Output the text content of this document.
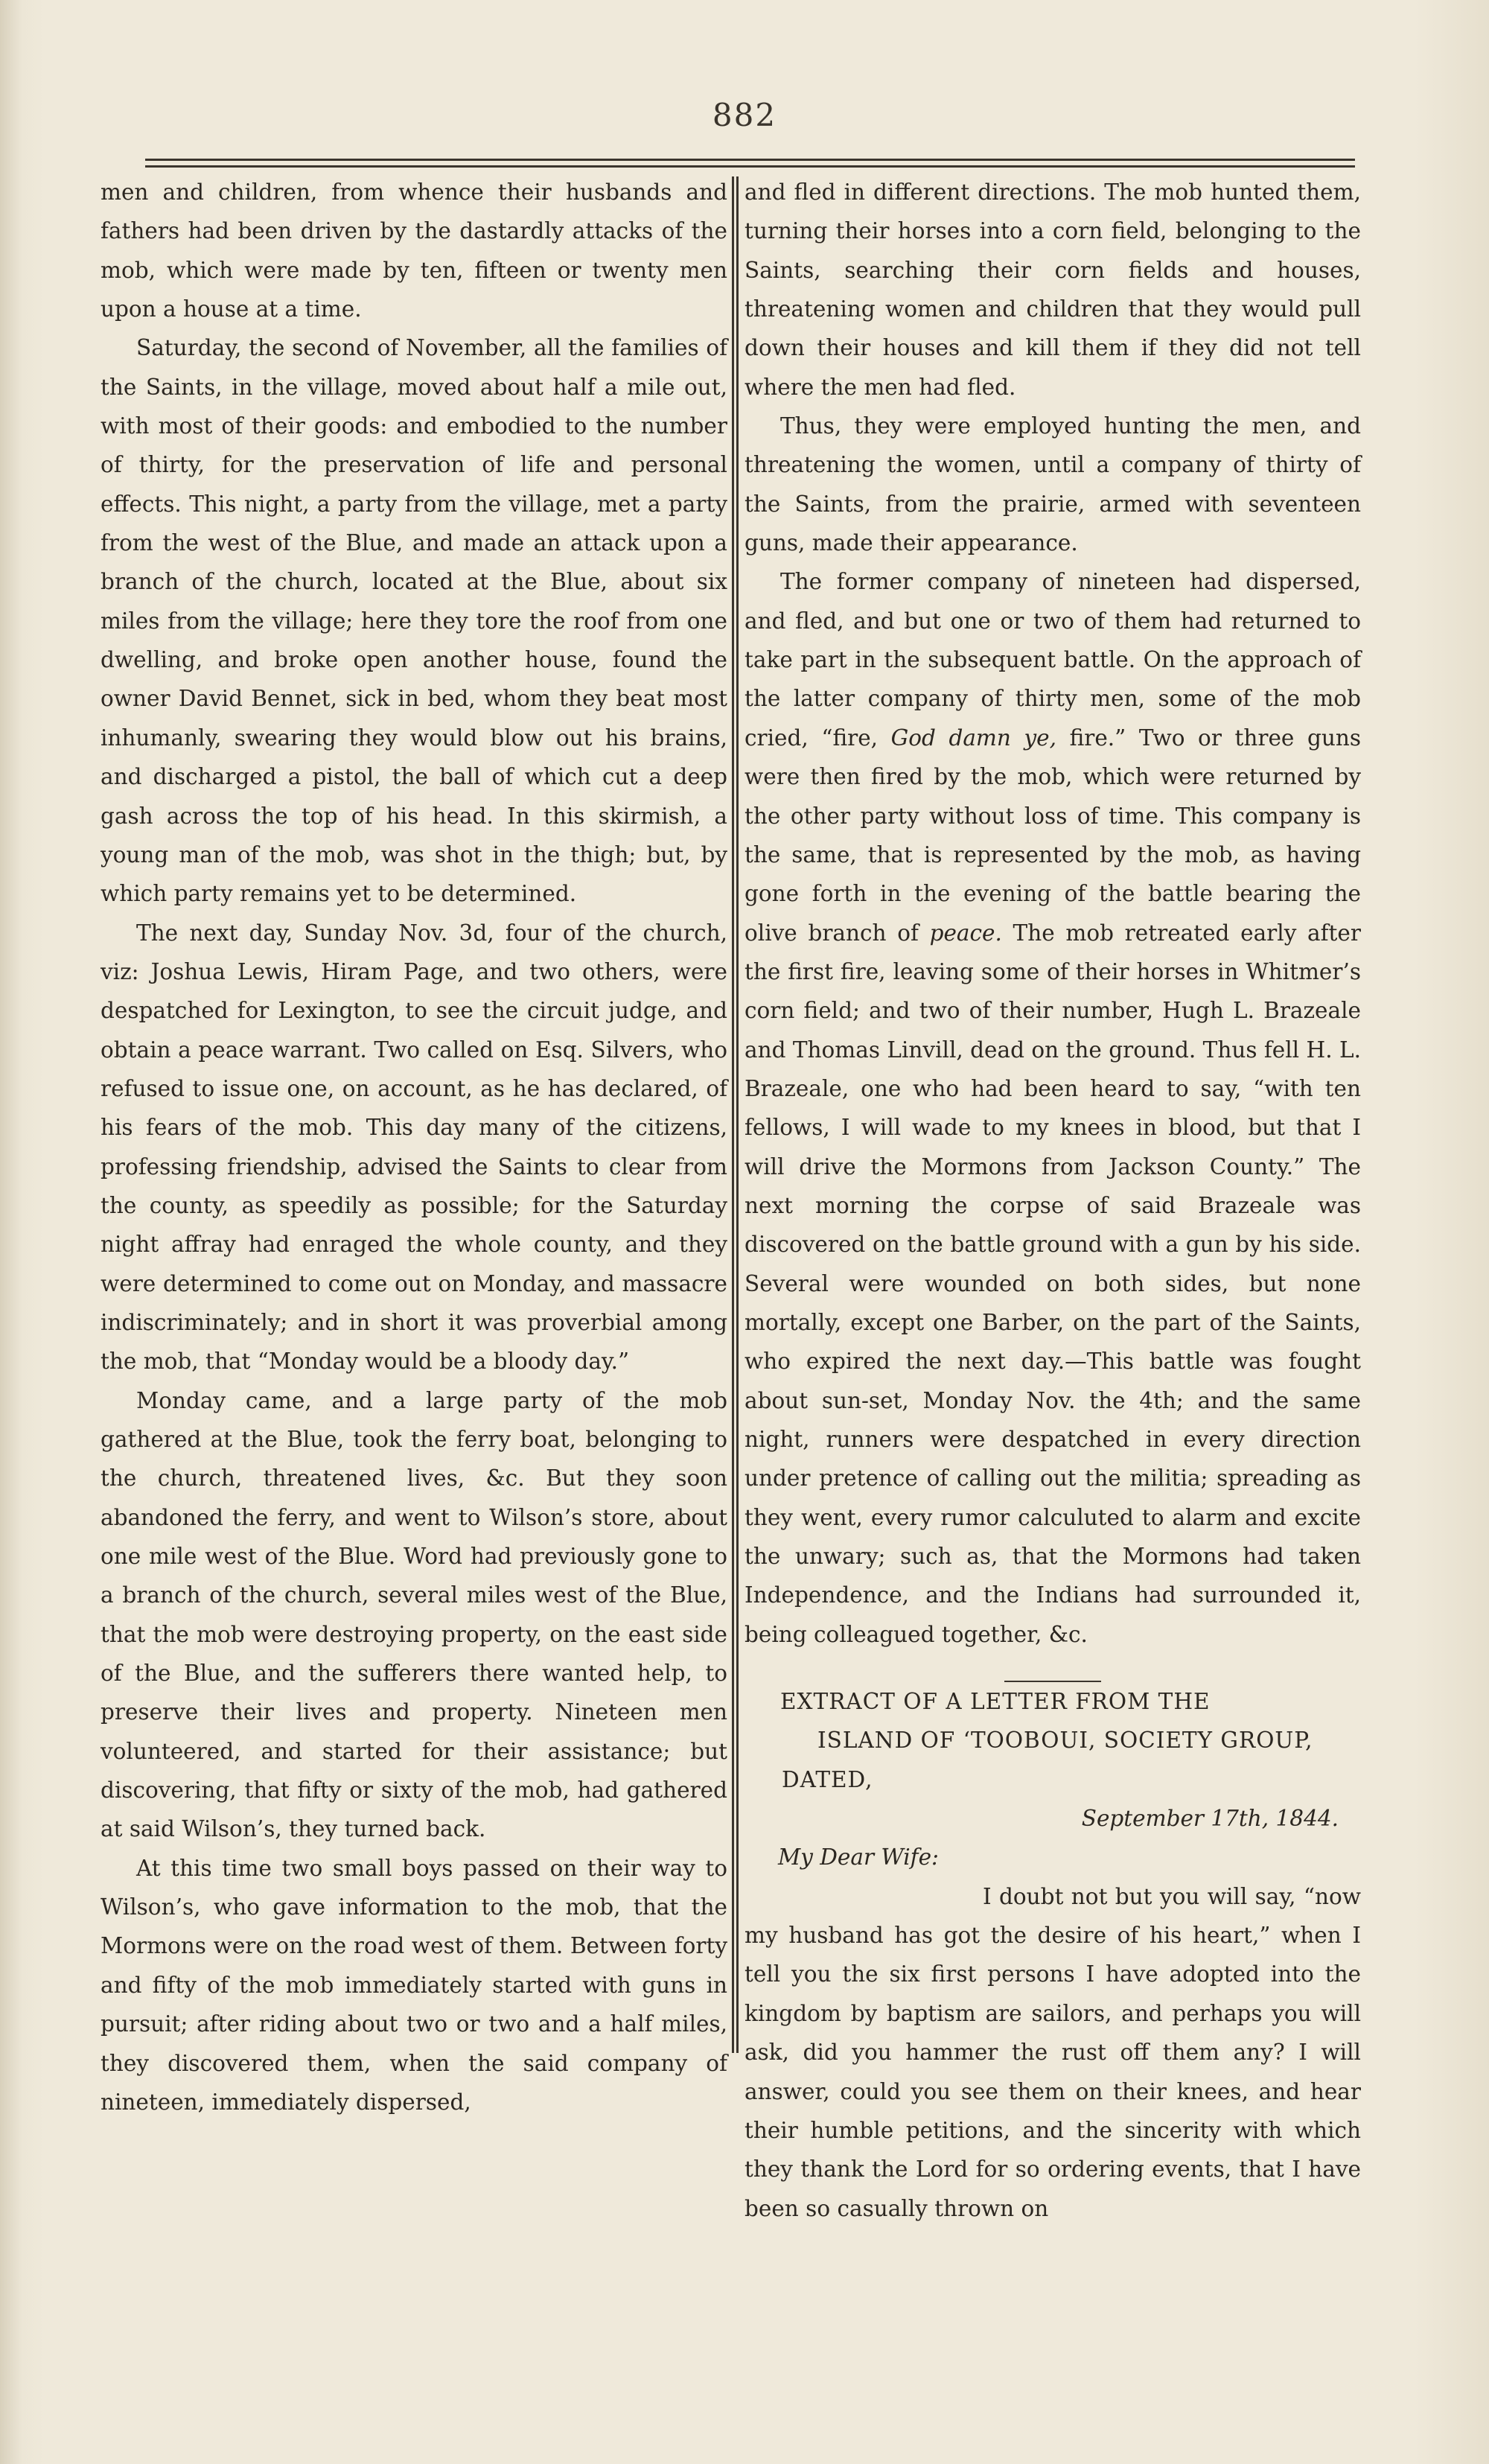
882

men and children, from whence their husbands and fathers had been driven by the dastardly attacks of the mob, which were made by ten, fifteen or twenty men upon a house at a time.

Saturday, the second of November, all the families of the Saints, in the village, moved about half a mile out, with most of their goods: and embodied to the number of thirty, for the preservation of life and personal effects. This night, a party from the village, met a party from the west of the Blue, and made an attack upon a branch of the church, located at the Blue, about six miles from the village; here they tore the roof from one dwelling, and broke open another house, found the owner David Bennet, sick in bed, whom they beat most inhumanly, swearing they would blow out his brains, and discharged a pistol, the ball of which cut a deep gash across the top of his head. In this skirmish, a young man of the mob, was shot in the thigh; but, by which party remains yet to be determined.

The next day, Sunday Nov. 3d, four of the church, viz: Joshua Lewis, Hiram Page, and two others, were despatched for Lexington, to see the circuit judge, and obtain a peace warrant. Two called on Esq. Silvers, who refused to issue one, on account, as he has declared, of his fears of the mob. This day many of the citizens, professing friendship, advised the Saints to clear from the county, as speedily as possible; for the Saturday night affray had enraged the whole county, and they were determined to come out on Monday, and massacre indiscriminately; and in short it was proverbial among the mob, that “Monday would be a bloody day.”

Monday came, and a large party of the mob gathered at the Blue, took the ferry boat, belonging to the church, threatened lives, &c. But they soon abandoned the ferry, and went to Wilson’s store, about one mile west of the Blue. Word had previously gone to a branch of the church, several miles west of the Blue, that the mob were destroying property, on the east side of the Blue, and the sufferers there wanted help, to preserve their lives and property. Nineteen men volunteered, and started for their assistance; but discovering, that fifty or sixty of the mob, had gathered at said Wilson’s, they turned back.

At this time two small boys passed on their way to Wilson’s, who gave information to the mob, that the Mormons were on the road west of them. Between forty and fifty of the mob immediately started with guns in pursuit; after riding about two or two and a half miles, they discovered them, when the said company of nineteen, immediately dispersed,

and fled in different directions. The mob hunted them, turning their horses into a corn field, belonging to the Saints, searching their corn fields and houses, threatening women and children that they would pull down their houses and kill them if they did not tell where the men had fled.

Thus, they were employed hunting the men, and threatening the women, until a company of thirty of the Saints, from the prairie, armed with seventeen guns, made their appearance.

The former company of nineteen had dispersed, and fled, and but one or two of them had returned to take part in the subsequent battle. On the approach of the latter company of thirty men, some of the mob cried, “fire, God damn ye, fire.” Two or three guns were then fired by the mob, which were returned by the other party without loss of time. This company is the same, that is represented by the mob, as having gone forth in the evening of the battle bearing the olive branch of peace. The mob retreated early after the first fire, leaving some of their horses in Whitmer’s corn field; and two of their number, Hugh L. Brazeale and Thomas Linvill, dead on the ground. Thus fell H. L. Brazeale, one who had been heard to say, “with ten fellows, I will wade to my knees in blood, but that I will drive the Mormons from Jackson County.” The next morning the corpse of said Brazeale was discovered on the battle ground with a gun by his side. Several were wounded on both sides, but none mortally, except one Barber, on the part of the Saints, who expired the next day.—This battle was fought about sun-set, Monday Nov. the 4th; and the same night, runners were despatched in every direction under pretence of calling out the militia; spreading as they went, every rumor calculuted to alarm and excite the unwary; such as, that the Mormons had taken Independence, and the Indians had surrounded it, being colleagued together, &c.

EXTRACT OF A LETTER FROM THE
ISLAND OF ‘TOOBOUI, SOCIETY GROUP, DATED,

September 17th, 1844.

My Dear Wife:

I doubt not but you will say, “now my husband has got the desire of his heart,” when I tell you the six first persons I have adopted into the kingdom by baptism are sailors, and perhaps you will ask, did you hammer the rust off them any? I will answer, could you see them on their knees, and hear their humble petitions, and the sincerity with which they thank the Lord for so ordering events, that I have been so casually thrown on
